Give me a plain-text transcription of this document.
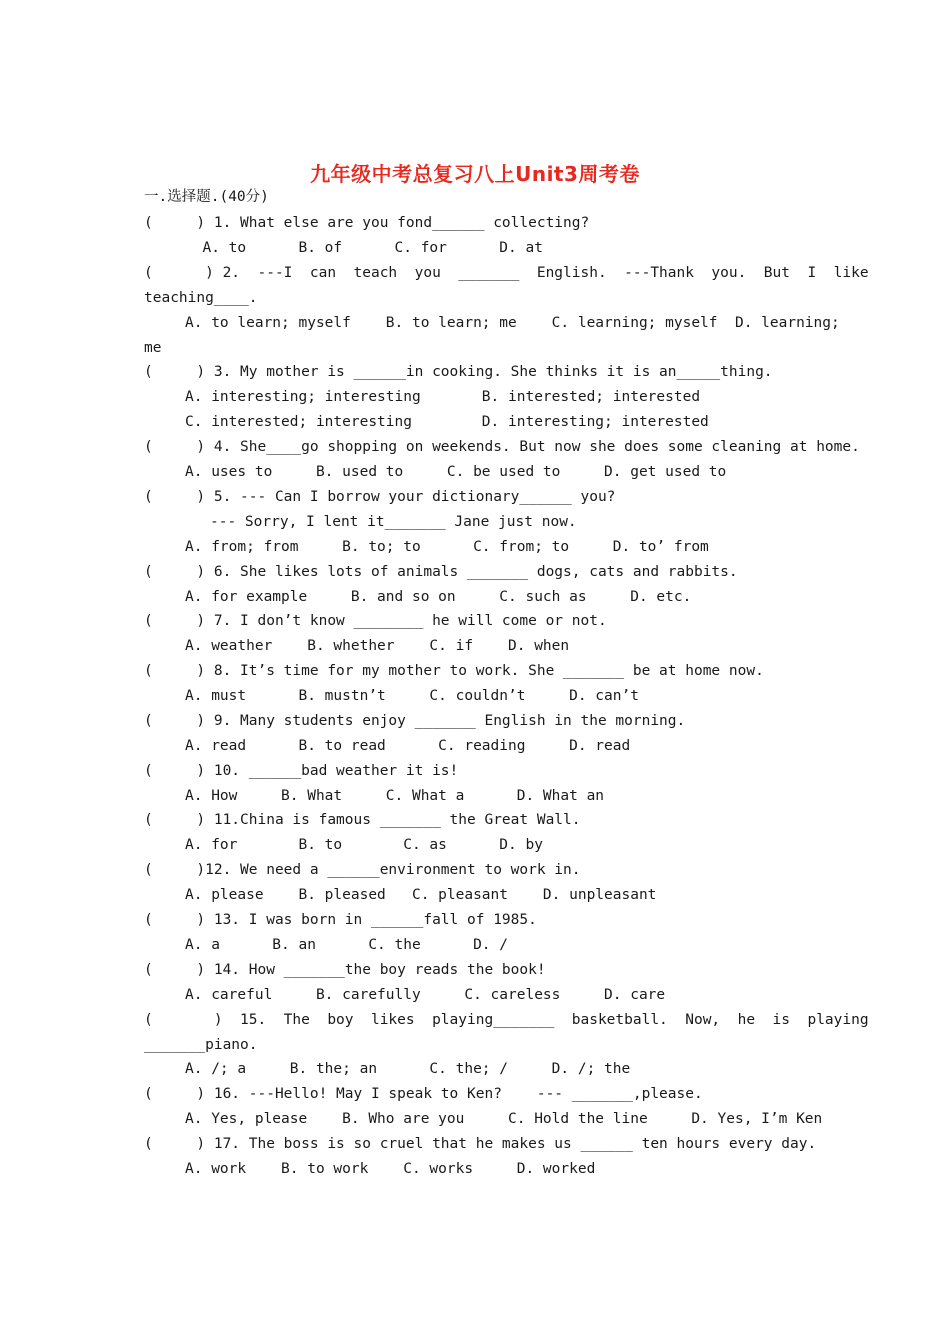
九年级中考总复习八上Unit3周考卷
一.选择题.(40分)
(     ) 1. What else are you fond______ collecting?
A. to      B. of      C. for      D. at
(      ) 2.  ---I  can  teach  you  _______  English.  ---Thank  you.  But  I  like
teaching____.
A. to learn; myself    B. to learn; me    C. learning; myself  D. learning;
me
(     ) 3. My mother is ______in cooking. She thinks it is an_____thing.
A. interesting; interesting       B. interested; interested
C. interested; interesting        D. interesting; interested
(     ) 4. She____go shopping on weekends. But now she does some cleaning at home.
A. uses to     B. used to     C. be used to     D. get used to
(     ) 5. --- Can I borrow your dictionary______ you?
--- Sorry, I lent it_______ Jane just now.
A. from; from     B. to; to      C. from; to     D. to’ from
(     ) 6. She likes lots of animals _______ dogs, cats and rabbits.
A. for example     B. and so on     C. such as     D. etc.
(     ) 7. I don’t know ________ he will come or not.
A. weather    B. whether    C. if    D. when
(     ) 8. It’s time for my mother to work. She _______ be at home now.
A. must      B. mustn’t     C. couldn’t     D. can’t
(     ) 9. Many students enjoy _______ English in the morning.
A. read      B. to read      C. reading     D. read
(     ) 10. ______bad weather it is!
A. How     B. What     C. What a      D. What an
(     ) 11.China is famous _______ the Great Wall.
A. for       B. to       C. as      D. by
(     )12. We need a ______environment to work in.
A. please    B. pleased   C. pleasant    D. unpleasant
(     ) 13. I was born in ______fall of 1985.
A. a      B. an      C. the      D. /
(     ) 14. How _______the boy reads the book!
A. careful     B. carefully     C. careless     D. care
(       )  15.  The  boy  likes  playing_______  basketball.  Now,  he  is  playing
_______piano.
A. /; a     B. the; an      C. the; /     D. /; the
(     ) 16. ---Hello! May I speak to Ken?    --- _______,please.
A. Yes, please    B. Who are you     C. Hold the line     D. Yes, I’m Ken
(     ) 17. The boss is so cruel that he makes us ______ ten hours every day.
A. work    B. to work    C. works     D. worked
